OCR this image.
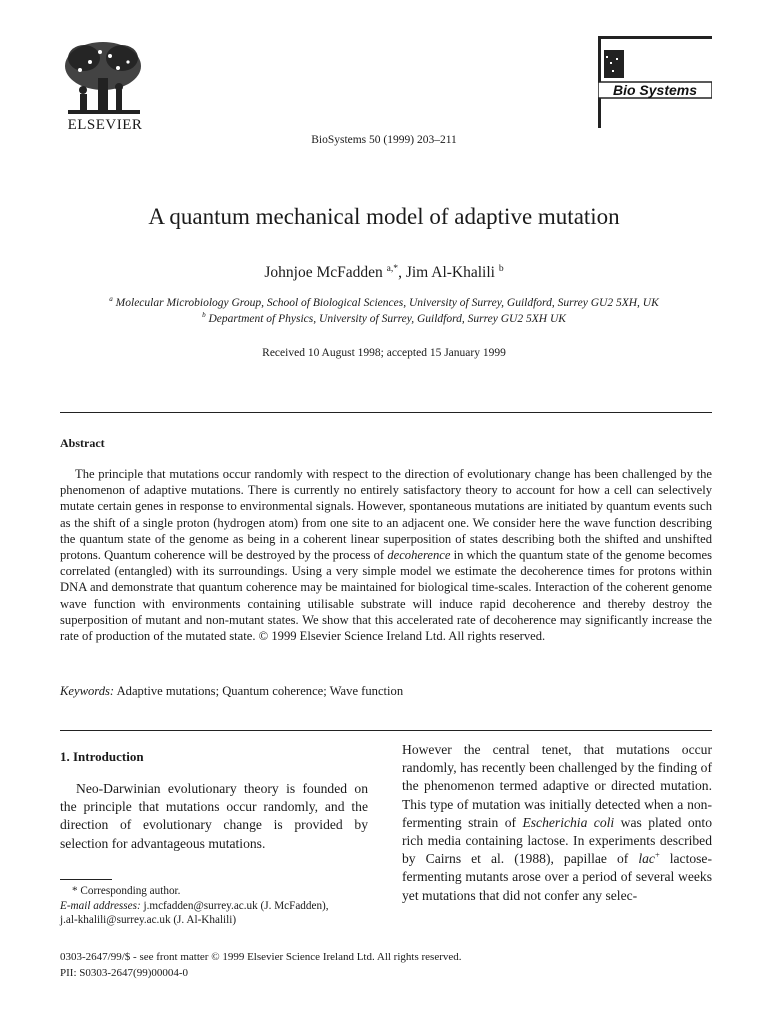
ELSEVIER
BioSystems 50 (1999) 203–211
Bio Systems
A quantum mechanical model of adaptive mutation
Johnjoe McFadden $^{a,*}$, Jim Al-Khalili $^b$
$^a$ Molecular Microbiology Group, School of Biological Sciences, University of Surrey, Guildford, Surrey GU2 5XH, UK
$^b$ Department of Physics, University of Surrey, Guildford, Surrey GU2 5XH UK
Received 10 August 1998; accepted 15 January 1999
Abstract

The principle that mutations occur randomly with respect to the direction of evolutionary change has been challenged by the phenomenon of adaptive mutations. There is currently no entirely satisfactory theory to account for how a cell can selectively mutate certain genes in response to environmental signals. However, spontaneous mutations are initiated by quantum events such as the shift of a single proton (hydrogen atom) from one site to an adjacent one. We consider here the wave function describing the quantum state of the genome as being in a coherent linear superposition of states describing both the shifted and unshifted protons. Quantum coherence will be destroyed by the process of decoherence in which the quantum state of the genome becomes correlated (entangled) with its surroundings. Using a very simple model we estimate the decoherence times for protons within DNA and demonstrate that quantum coherence may be maintained for biological time-scales. Interaction of the coherent genome wave function with environments containing utilisable substrate will induce rapid decoherence and thereby destroy the superposition of mutant and non-mutant states. We show that this accelerated rate of decoherence may significantly increase the rate of production of the mutated state. © 1999 Elsevier Science Ireland Ltd. All rights reserved.

Keywords: Adaptive mutations; Quantum coherence; Wave function
1. Introduction

Neo-Darwinian evolutionary theory is founded on the principle that mutations occur randomly, and the direction of evolutionary change is provided by selection for advantageous mutations.

* Corresponding author.
E-mail addresses: j.mcfadden@surrey.ac.uk (J. McFadden),
j.al-khalili@surrey.ac.uk (J. Al-Khalili)

However the central tenet, that mutations occur randomly, has recently been challenged by the finding of the phenomenon termed adaptive or directed mutation. This type of mutation was initially detected when a non-fermenting strain of Escherichia coli was plated onto rich media containing lactose. In experiments described by Cairns et al. (1988), papillae of lac+ lactose-fermenting mutants arose over a period of several weeks yet mutations that did not confer any selec-

0303-2647/99/$ - see front matter © 1999 Elsevier Science Ireland Ltd. All rights reserved.
PII: S0303-2647(99)00004-0
